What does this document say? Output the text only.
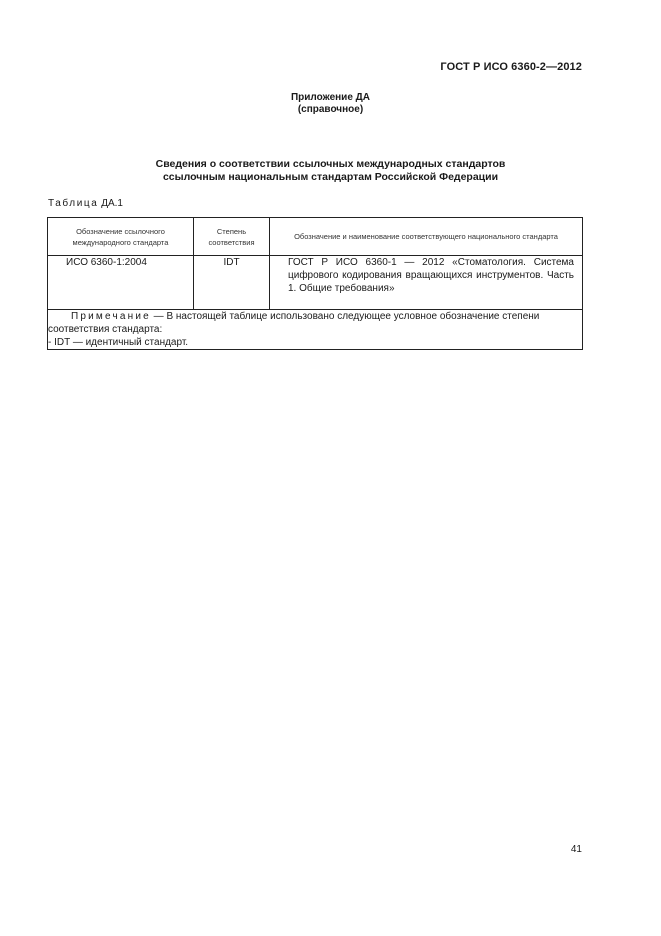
ГОСТ Р ИСО 6360-2—2012
Приложение ДА
(справочное)
Сведения о соответствии ссылочных международных стандартов
ссылочным национальным стандартам Российской Федерации
Таблица ДА.1
Обозначение ссылочного международного стандарта	Степень соответствия	Обозначение и наименование соответствующего национального стандарта
ИСО 6360-1:2004	IDT	ГОСТ Р ИСО 6360-1 — 2012 «Стоматология. Система цифрового кодирования вращающихся инструментов. Часть 1. Общие требования»

Примечание — В настоящей таблице использовано следующее условное обозначение степени соответствия стандарта:
- IDT — идентичный стандарт.		
41
